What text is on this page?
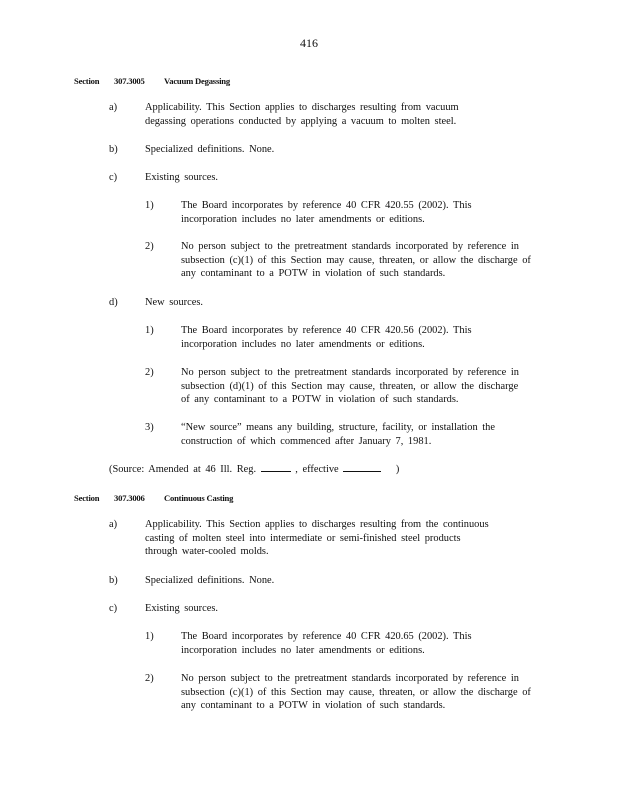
416
Section 307.3005 Vacuum Degassing
a)	Applicability. This Section applies to discharges resulting from vacuum degassing operations conducted by applying a vacuum to molten steel.
b)	Specialized definitions. None.
c)	Existing sources.
1)	The Board incorporates by reference 40 CFR 420.55 (2002). This incorporation includes no later amendments or editions.
2)	No person subject to the pretreatment standards incorporated by reference in subsection (c)(1) of this Section may cause, threaten, or allow the discharge of any contaminant to a POTW in violation of such standards.
d)	New sources.
1)	The Board incorporates by reference 40 CFR 420.56 (2002). This incorporation includes no later amendments or editions.
2)	No person subject to the pretreatment standards incorporated by reference in subsection (d)(1) of this Section may cause, threaten, or allow the discharge of any contaminant to a POTW in violation of such standards.
3)	“New source” means any building, structure, facility, or installation the construction of which commenced after January 7, 1981.
(Source: Amended at 46 Ill. Reg.	, effective	)
Section 307.3006 Continuous Casting
a)	Applicability. This Section applies to discharges resulting from the continuous casting of molten steel into intermediate or semi-finished steel products through water-cooled molds.
b)	Specialized definitions. None.
c)	Existing sources.
1)	The Board incorporates by reference 40 CFR 420.65 (2002). This incorporation includes no later amendments or editions.
2)	No person subject to the pretreatment standards incorporated by reference in subsection (c)(1) of this Section may cause, threaten, or allow the discharge of any contaminant to a POTW in violation of such standards.
